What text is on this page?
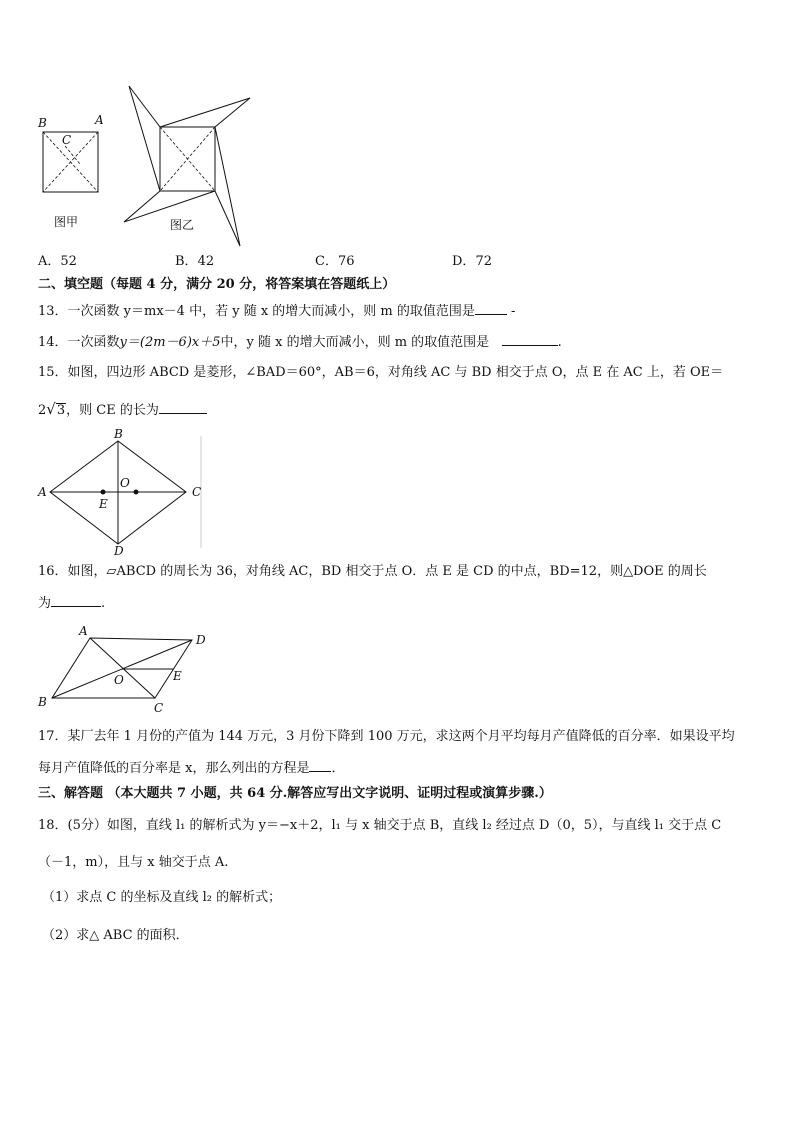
B	A
C
图甲	图乙
A．52	B．42	C．76	D．72
二、填空题（每题 4 分，满分 20 分，将答案填在答题纸上）
13．一次函数 y＝mx－4 中，若 y 随 x 的增大而减小，则 m 的取值范围是	-
14．一次函数y＝(2m－6)x＋5中，y 随 x 的增大而减小，则 m 的取值范围是	.
15．如图，四边形 ABCD 是菱形，∠BAD＝60°，AB＝6，对角线 AC 与 BD 相交于点 O，点 E 在 AC 上，若 OE＝
2√3，则 CE 的长为
A
B
C
D
O
E
16．如图，▱ABCD 的周长为 36，对角线 AC，BD 相交于点 O．点 E 是 CD 的中点，BD=12，则△DOE 的周长
为	.
A
D
B	C
O	E
17．某厂去年 1 月份的产值为 144 万元，3 月份下降到 100 万元，求这两个月平均每月产值降低的百分率．如果设平均
每月产值降低的百分率是 x，那么列出的方程是 ．
三、解答题 （本大题共 7 小题，共 64 分.解答应写出文字说明、证明过程或演算步骤.）
18．(5分）如图，直线 l₁ 的解析式为 y＝−x＋2，l₁ 与 x 轴交于点 B，直线 l₂ 经过点 D（0，5），与直线 l₁ 交于点 C
（－1，m），且与 x 轴交于点 A.
（1）求点 C 的坐标及直线 l₂ 的解析式；
（2）求△ ABC 的面积．
